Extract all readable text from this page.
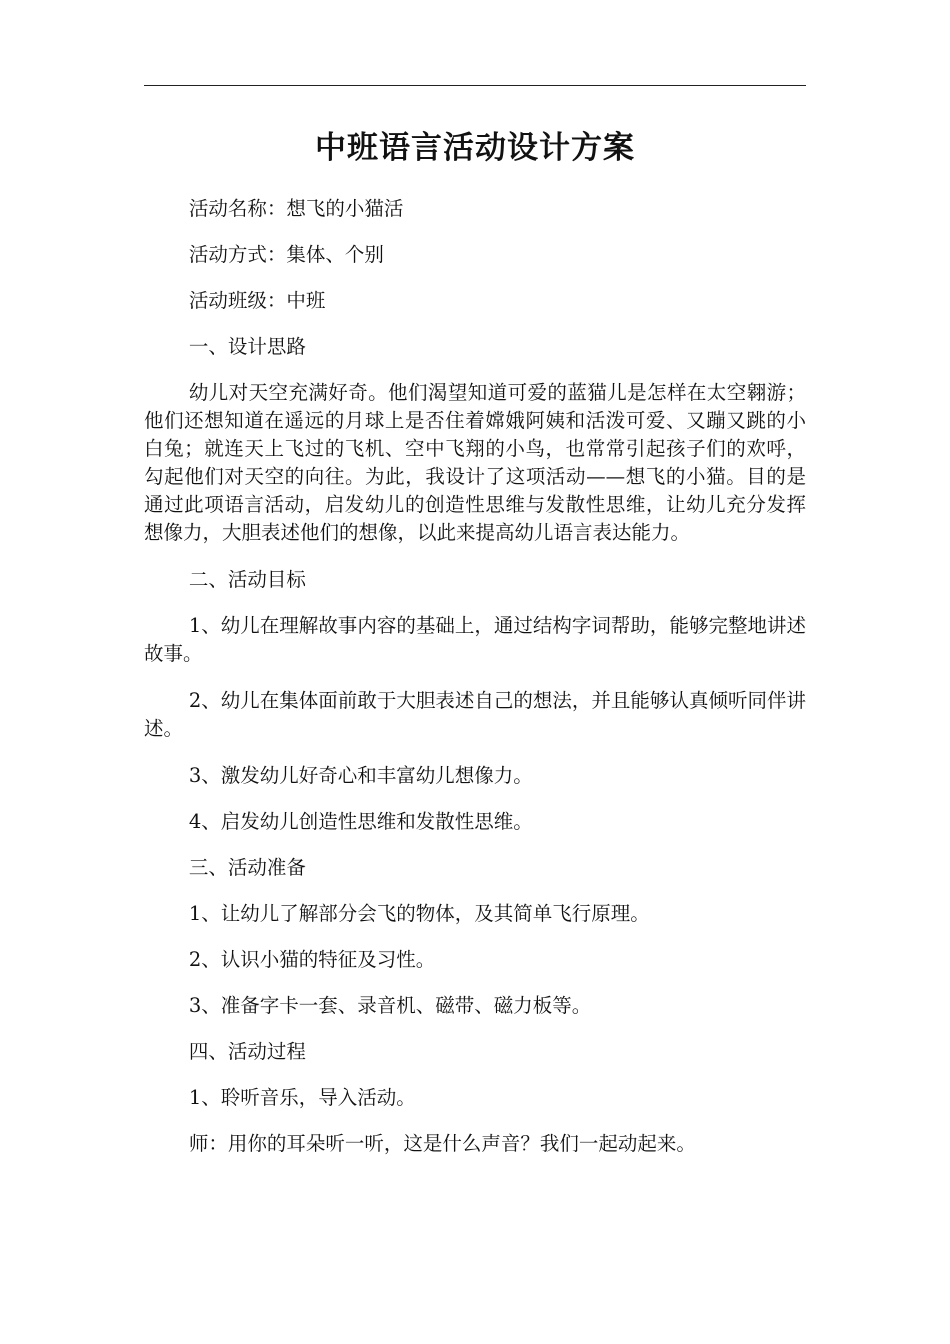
中班语言活动设计方案

活动名称：想飞的小猫活

活动方式：集体、个别

活动班级：中班

一、设计思路

幼儿对天空充满好奇。他们渴望知道可爱的蓝猫儿是怎样在太空翱游；他们还想知道在遥远的月球上是否住着嫦娥阿姨和活泼可爱、又蹦又跳的小白兔；就连天上飞过的飞机、空中飞翔的小鸟，也常常引起孩子们的欢呼，勾起他们对天空的向往。为此，我设计了这项活动——想飞的小猫。目的是通过此项语言活动，启发幼儿的创造性思维与发散性思维，让幼儿充分发挥想像力，大胆表述他们的想像，以此来提高幼儿语言表达能力。

二、活动目标

1、幼儿在理解故事内容的基础上，通过结构字词帮助，能够完整地讲述故事。

2、幼儿在集体面前敢于大胆表述自己的想法，并且能够认真倾听同伴讲述。

3、激发幼儿好奇心和丰富幼儿想像力。

4、启发幼儿创造性思维和发散性思维。

三、活动准备

1、让幼儿了解部分会飞的物体，及其简单飞行原理。

2、认识小猫的特征及习性。

3、准备字卡一套、录音机、磁带、磁力板等。

四、活动过程

1、聆听音乐，导入活动。

师：用你的耳朵听一听，这是什么声音？我们一起动起来。
